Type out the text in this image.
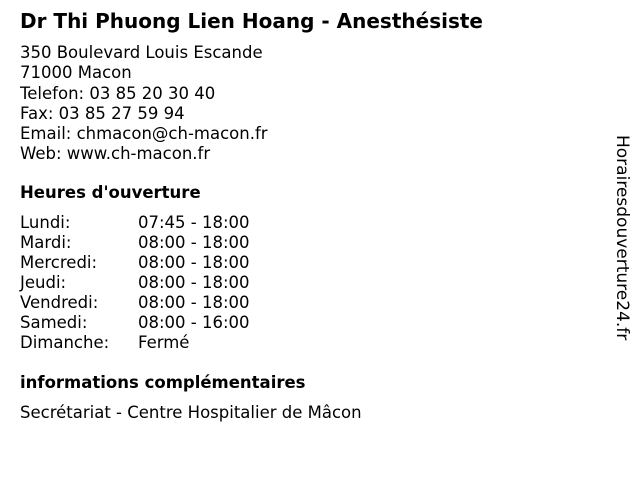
Dr Thi Phuong Lien Hoang - Anesthésiste
350 Boulevard Louis Escande
71000 Macon
Telefon: 03 85 20 30 40
Fax: 03 85 27 59 94
Email: chmacon@ch-macon.fr
Web: www.ch-macon.fr
Heures d'ouverture
Lundi:	07:45 - 18:00
Mardi:	08:00 - 18:00
Mercredi:	08:00 - 18:00
Jeudi:	08:00 - 18:00
Vendredi:	08:00 - 18:00
Samedi:	08:00 - 16:00
Dimanche:	Fermé
informations complémentaires
Secrétariat - Centre Hospitalier de Mâcon
Horairesdouverture24.fr
